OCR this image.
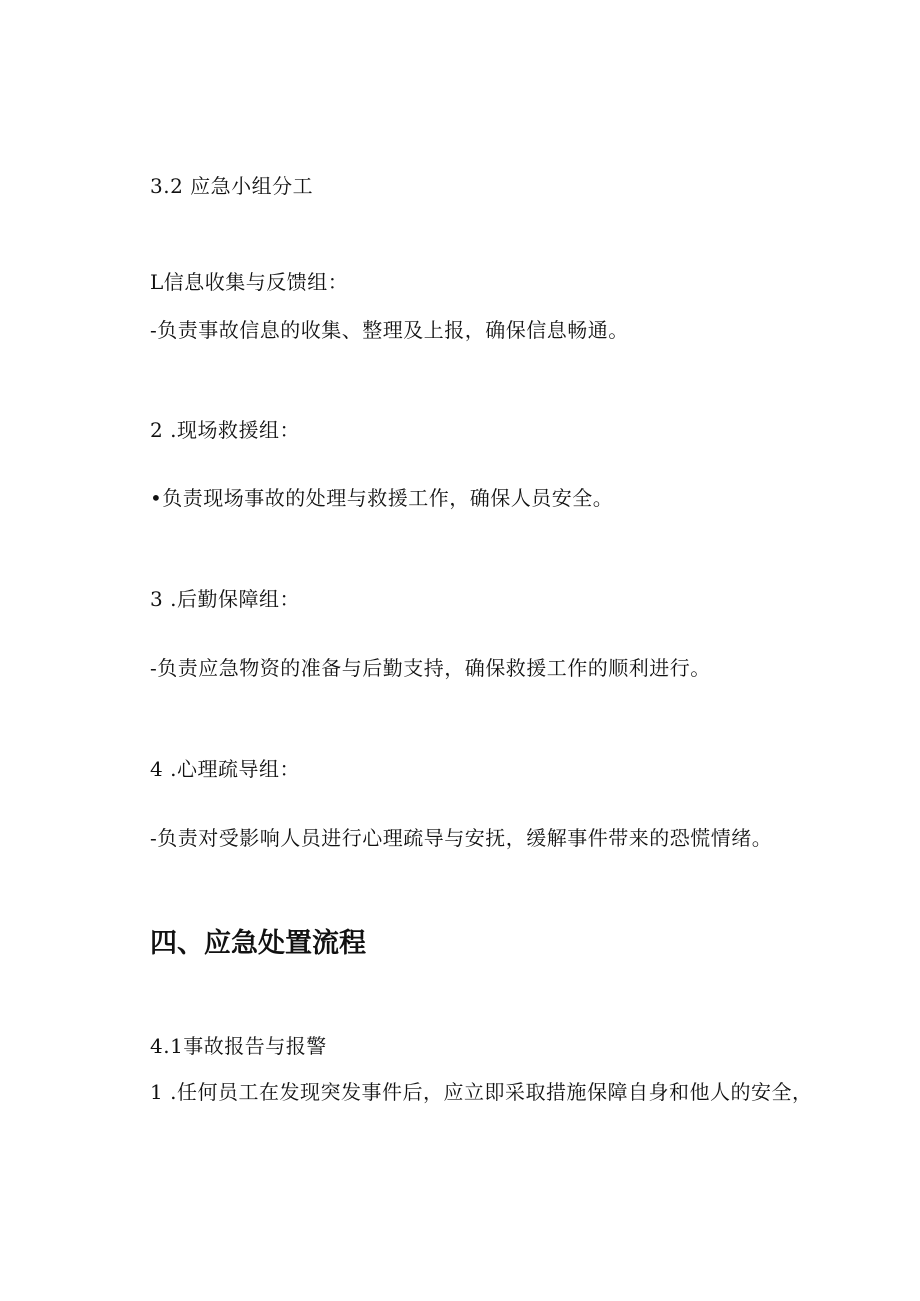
3.2 应急小组分工
L信息收集与反馈组：
-负责事故信息的收集、整理及上报，确保信息畅通。
2 .现场救援组：
•负责现场事故的处理与救援工作，确保人员安全。
3 .后勤保障组：
-负责应急物资的准备与后勤支持，确保救援工作的顺利进行。
4 .心理疏导组：
-负责对受影响人员进行心理疏导与安抚，缓解事件带来的恐慌情绪。
四、应急处置流程
4.1事故报告与报警
1 .任何员工在发现突发事件后，应立即采取措施保障自身和他人的安全，
